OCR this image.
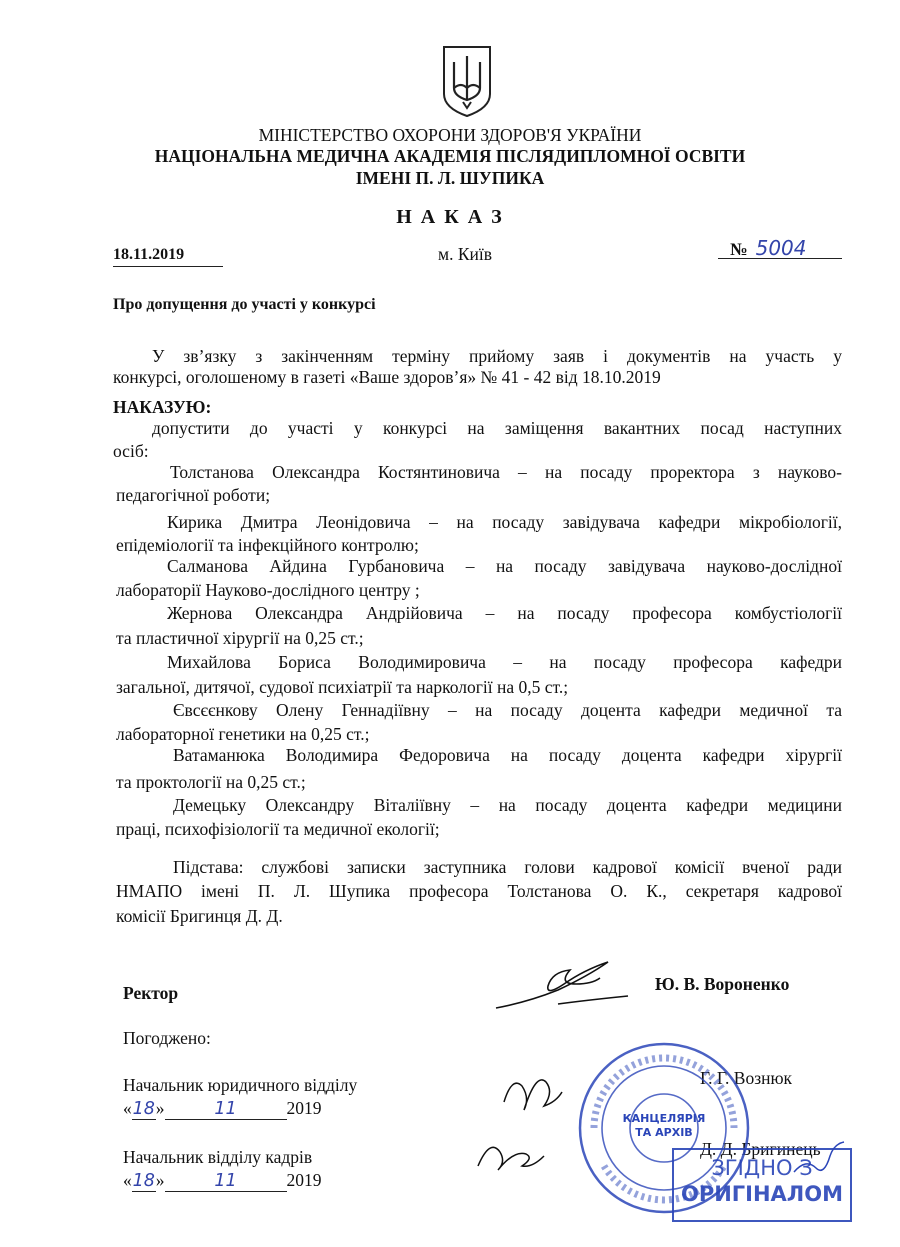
МІНІСТЕРСТВО ОХОРОНИ ЗДОРОВ'Я УКРАЇНИ
НАЦІОНАЛЬНА МЕДИЧНА АКАДЕМІЯ ПІСЛЯДИПЛОМНОЇ ОСВІТИ
ІМЕНІ П. Л. ШУПИКА
Н А К А З
18.11.2019	м. Київ	№ 5004
Про допущення до участі у конкурсі
У зв’язку з закінченням терміну прийому заяв і документів на участь у
конкурсі, оголошеному в газеті «Ваше здоров’я» № 41 - 42 від 18.10.2019
НАКАЗУЮ:
допустити до участі у конкурсі на заміщення вакантних посад наступних
осіб:
Толстанова Олександра Костянтиновича – на посаду проректора з науково-
педагогічної роботи;
Кирика Дмитра Леонідовича – на посаду завідувача кафедри мікробіології,
епідеміології та інфекційного контролю;
Салманова Айдина Гурбановича – на посаду завідувача науково-дослідної
лабораторії Науково-дослідного центру ;
Жернова Олександра Андрійовича – на посаду професора комбустіології
та пластичної хірургії на 0,25 ст.;
Михайлова Бориса Володимировича – на посаду професора кафедри
загальної, дитячої, судової психіатрії та наркології на 0,5 ст.;
Євсєєнкову Олену Геннадіївну – на посаду доцента кафедри медичної та
лабораторної генетики на 0,25 ст.;
Ватаманюка Володимира Федоровича на посаду доцента кафедри хірургії
та проктології на 0,25 ст.;
Демецьку Олександру Віталіївну – на посаду доцента кафедри медицини
праці, психофізіології та медичної екології;
Підстава: службові записки заступника голови кадрової комісії вченої ради
НМАПО імені П. Л. Шупика професора Толстанова О. К., секретаря кадрової
комісії Бригинця Д. Д.
Ректор	Ю. В. Вороненко
Погоджено:
Начальник юридичного відділу
«18»	11	2019
Г. Г. Вознюк
Начальник відділу кадрів
«18»	11	2019
Д. Д. Бригинець
КАНЦЕЛЯРІЯ
ТА АРХІВ
ЗГІДНО З
ОРИГІНАЛОМ
